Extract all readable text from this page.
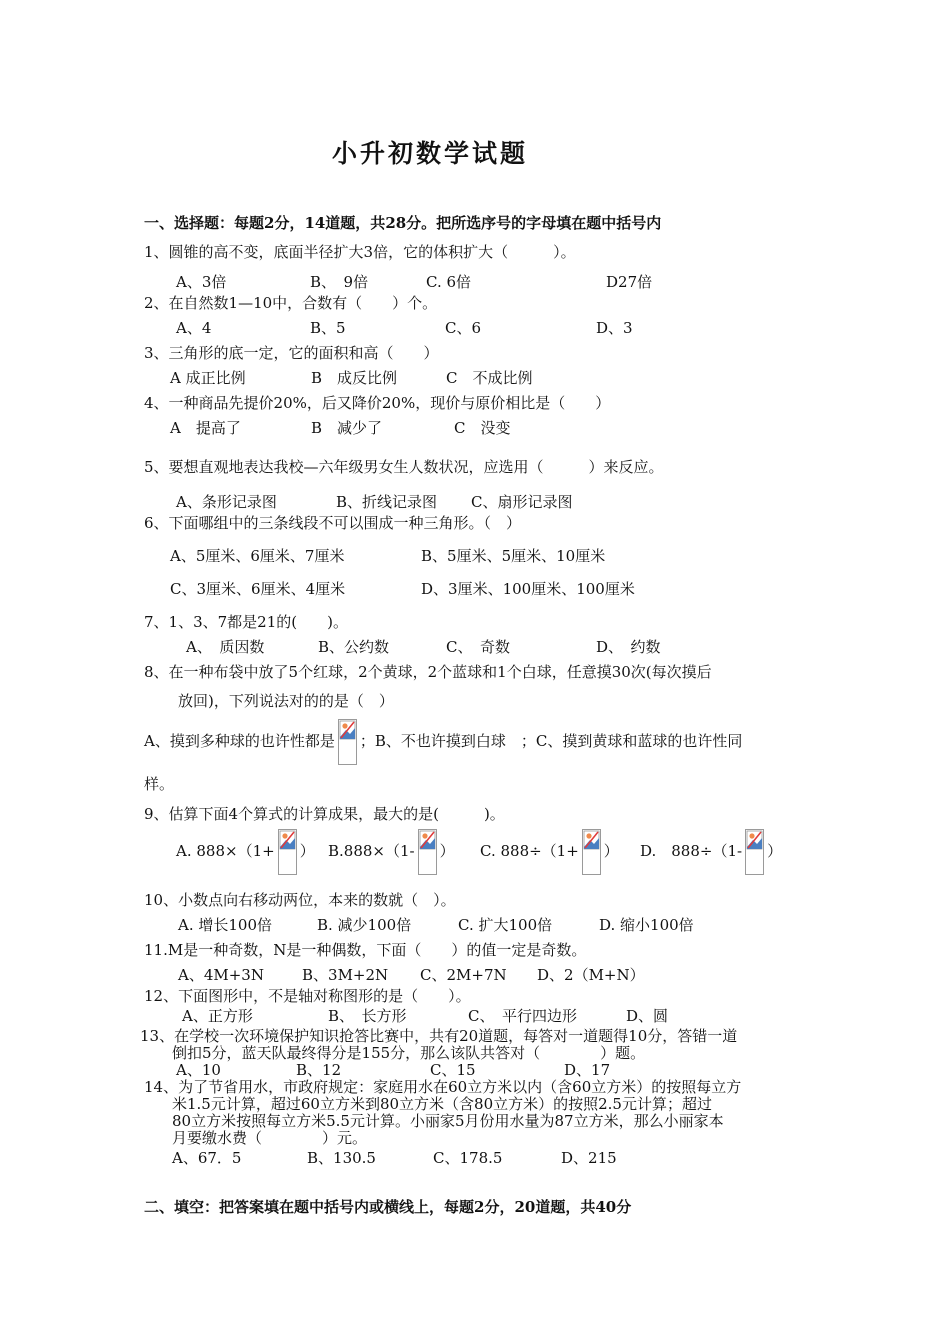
小升初数学试题
一、选择题：每题2分，14道题，共28分。把所选序号的字母填在题中括号内
1、圆锥的高不变，底面半径扩大3倍，它的体积扩大（　　　）。
A、3倍	B、　9倍	C. 6倍	D27倍
2、在自然数1—10中，合数有（　　）个。
A、4	B、5	C、6	D、3
3、三角形的底一定，它的面积和高（　　）
A 成正比例	B　成反比例	C　不成比例
4、一种商品先提价20%，后又降价20%，现价与原价相比是（　　）
A　提高了	B　减少了	C　没变
5、要想直观地表达我校—六年级男女生人数状况，应选用（　　　）来反应。
A、条形记录图	B、折线记录图 C、扇形记录图
6、下面哪组中的三条线段不可以围成一种三角形。（　）
A、5厘米、6厘米、7厘米	B、5厘米、5厘米、10厘米
C、3厘米、6厘米、4厘米	D、3厘米、100厘米、100厘米
7、1、3、7都是21的(　　)。
A、　质因数	B、公约数	C、　奇数	D、　约数
8、在一种布袋中放了5个红球，2个黄球，2个蓝球和1个白球，任意摸30次(每次摸后
放回)，下列说法对的的是（　）
A、摸到多种球的也许性都是 ；B、不也许摸到白球　；C、摸到黄球和蓝球的也许性同
样。
9、估算下面4个算式的计算成果，最大的是(　　　)。
A. 888×（1+ ） B.888×（1- ） C. 888÷（1+ ） D.　888÷（1- ）
10、小数点向右移动两位，本来的数就（　）。
A. 增长100倍	B. 减少100倍	C. 扩大100倍	D. 缩小100倍
11.M是一种奇数，N是一种偶数，下面（　　）的值一定是奇数。
A、4M+3N	B、3M+2N C、2M+7N D、2（M+N）
12、下面图形中，不是轴对称图形的是（　　）。
A、正方形	B、　长方形	C、　平行四边形	D、圆
13、在学校一次环境保护知识抢答比赛中，共有20道题，每答对一道题得10分，答错一道
倒扣5分，蓝天队最终得分是155分，那么该队共答对（　　　　）题。
A、10	B、12	C、15	D、17
14、为了节省用水，市政府规定：家庭用水在60立方米以内（含60立方米）的按照每立方
米1.5元计算，超过60立方米到80立方米（含80立方米）的按照2.5元计算；超过
80立方米按照每立方米5.5元计算。小丽家5月份用水量为87立方米，那么小丽家本
月要缴水费（　　　　）元。
A、67．5	B、130.5	C、178.5	D、215
二、填空：把答案填在题中括号内或横线上，每题2分，20道题，共40分
